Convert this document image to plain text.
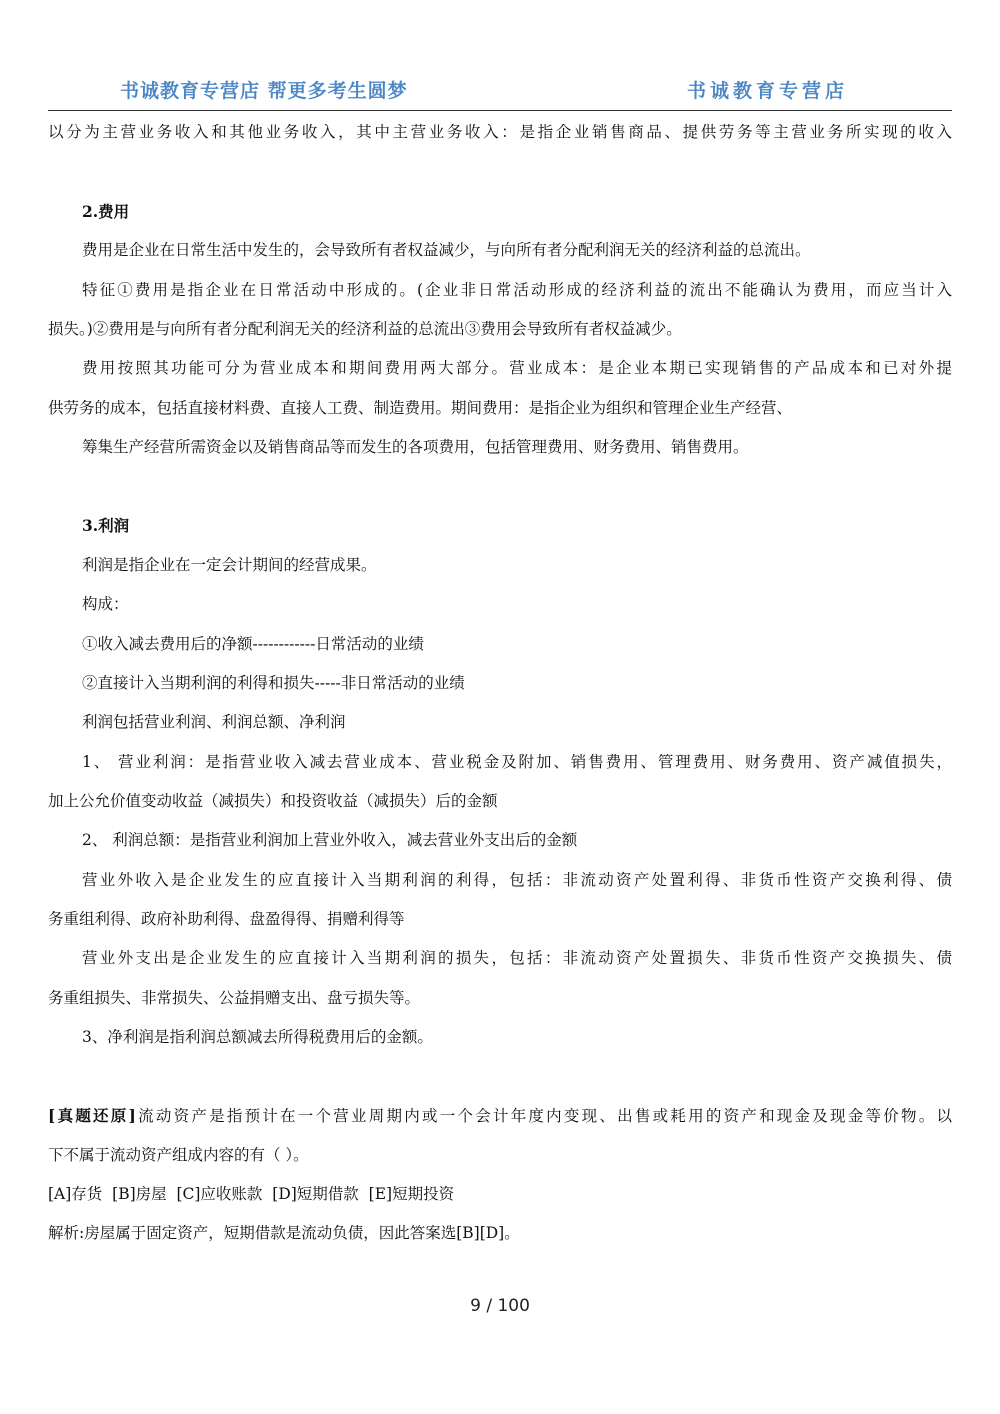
书诚教育专营店 帮更多考生圆梦	书诚教育专营店
以分为主营业务收入和其他业务收入，其中主营业务收入：是指企业销售商品、提供劳务等主营业务所实现的收入
2.费用
费用是企业在日常生活中发生的，会导致所有者权益减少，与向所有者分配利润无关的经济利益的总流出。
特征①费用是指企业在日常活动中形成的。(企业非日常活动形成的经济利益的流出不能确认为费用，而应当计入
损失。)②费用是与向所有者分配利润无关的经济利益的总流出③费用会导致所有者权益减少。
费用按照其功能可分为营业成本和期间费用两大部分。营业成本：是企业本期已实现销售的产品成本和已对外提
供劳务的成本，包括直接材料费、直接人工费、制造费用。期间费用：是指企业为组织和管理企业生产经营、
筹集生产经营所需资金以及销售商品等而发生的各项费用，包括管理费用、财务费用、销售费用。
3.利润
利润是指企业在一定会计期间的经营成果。
构成：
①收入减去费用后的净额------------日常活动的业绩
②直接计入当期利润的利得和损失-----非日常活动的业绩
利润包括营业利润、利润总额、净利润
1、 营业利润：是指营业收入减去营业成本、营业税金及附加、销售费用、管理费用、财务费用、资产减值损失，
加上公允价值变动收益（减损失）和投资收益（减损失）后的金额
2、 利润总额：是指营业利润加上营业外收入，减去营业外支出后的金额
营业外收入是企业发生的应直接计入当期利润的利得，包括：非流动资产处置利得、非货币性资产交换利得、债
务重组利得、政府补助利得、盘盈得得、捐赠利得等
营业外支出是企业发生的应直接计入当期利润的损失，包括：非流动资产处置损失、非货币性资产交换损失、债
务重组损失、非常损失、公益捐赠支出、盘亏损失等。
3、净利润是指利润总额减去所得税费用后的金额。
[真题还原]流动资产是指预计在一个营业周期内或一个会计年度内变现、出售或耗用的资产和现金及现金等价物。以
下不属于流动资产组成内容的有（ ）。
[A]存货  [B]房屋  [C]应收账款  [D]短期借款  [E]短期投资
解析:房屋属于固定资产，短期借款是流动负债，因此答案选[B][D]。
9 / 100
